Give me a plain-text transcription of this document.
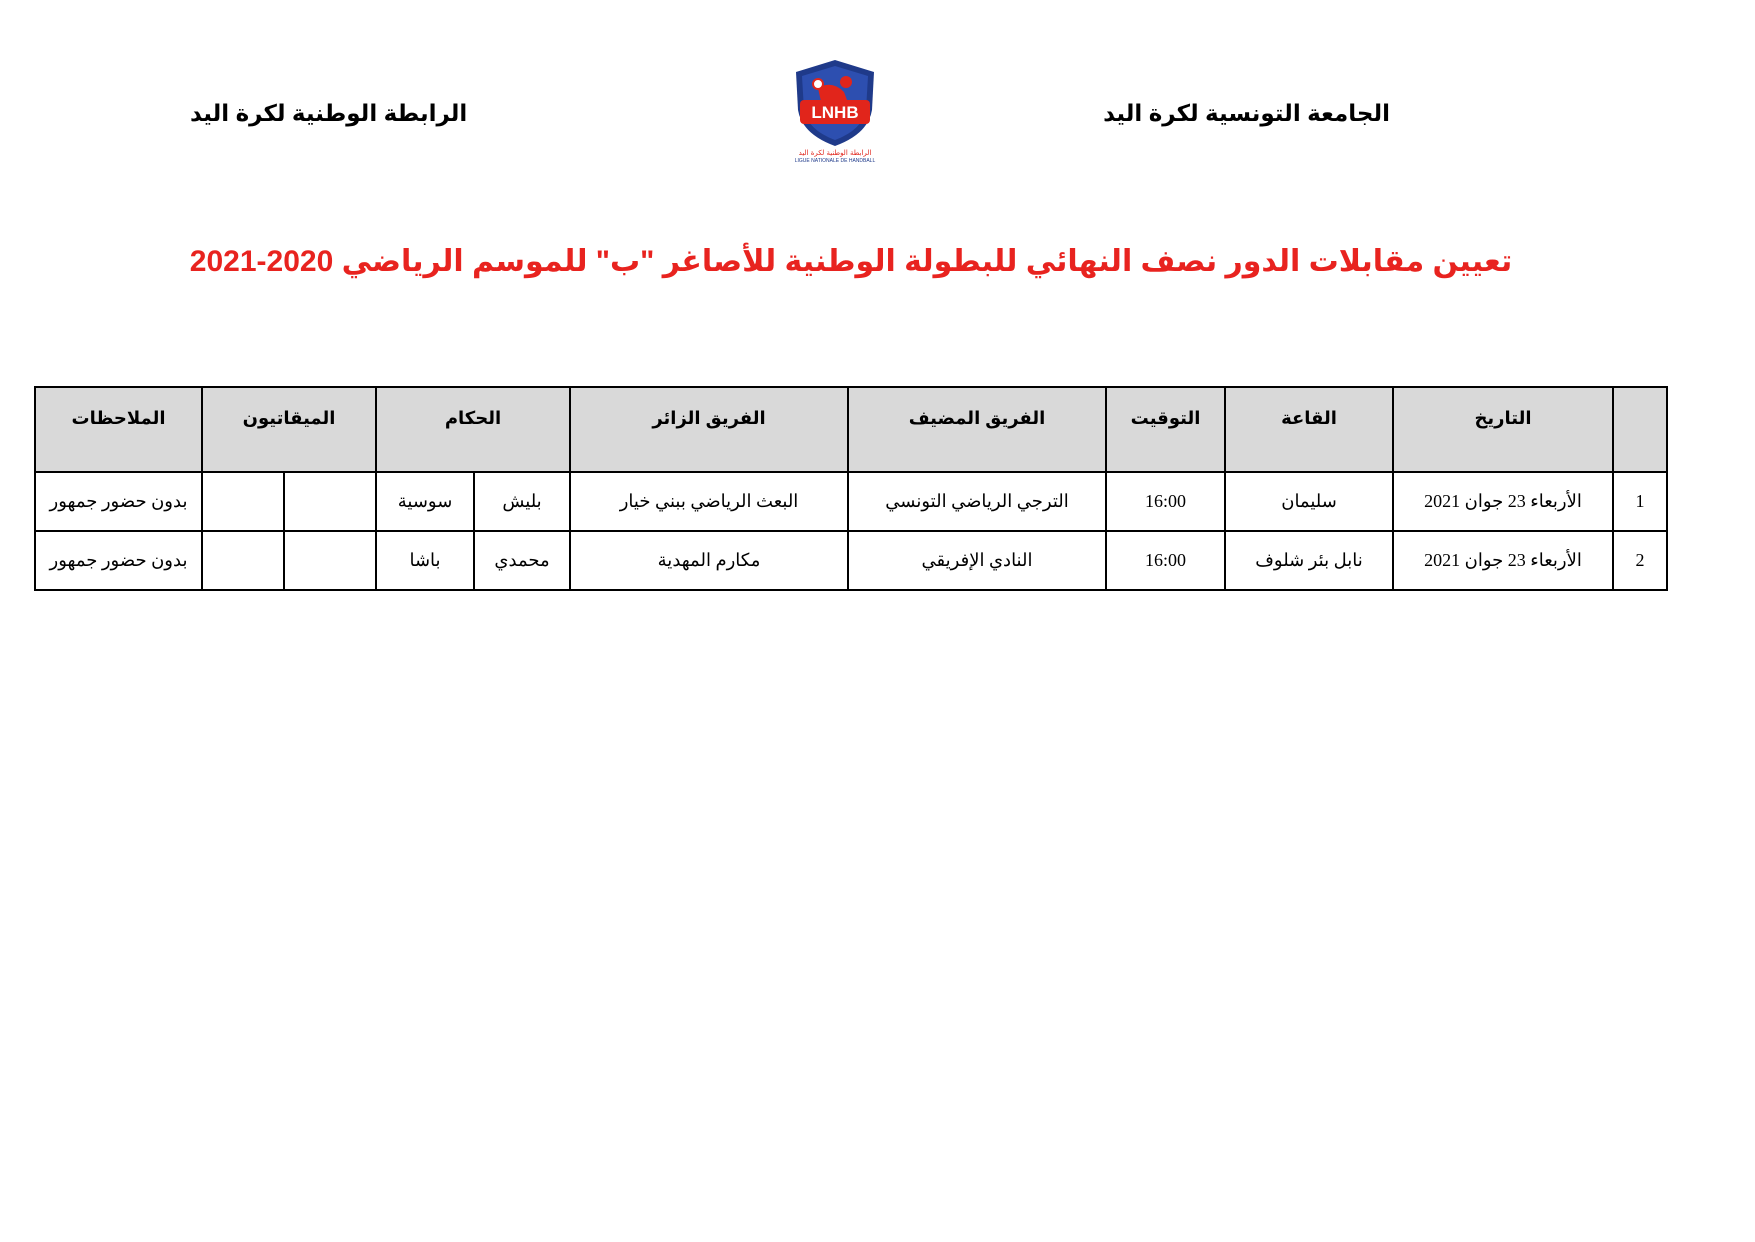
الجامعة التونسية لكرة اليد
الرابطة الوطنية لكرة اليد	LNHB
الرابطة الوطنية لكرة اليد
LIGUE NATIONALE DE HANDBALL
تعيين مقابلات الدور نصف النهائي للبطولة الوطنية للأصاغر "ب" للموسم الرياضي 2020-2021
	التاريخ	القاعة	التوقيت	الفريق المضيف	الفريق الزائر	الحكام		الميقاتيون		الملاحظات
1	الأربعاء 23 جوان 2021	سليمان	16:00	الترجي الرياضي التونسي	البعث الرياضي ببني خيار	بليش	سوسية			بدون حضور جمهور
2	الأربعاء 23 جوان 2021	نابل بئر شلوف	16:00	النادي الإفريقي	مكارم المهدية	محمدي	باشا			بدون حضور جمهور
